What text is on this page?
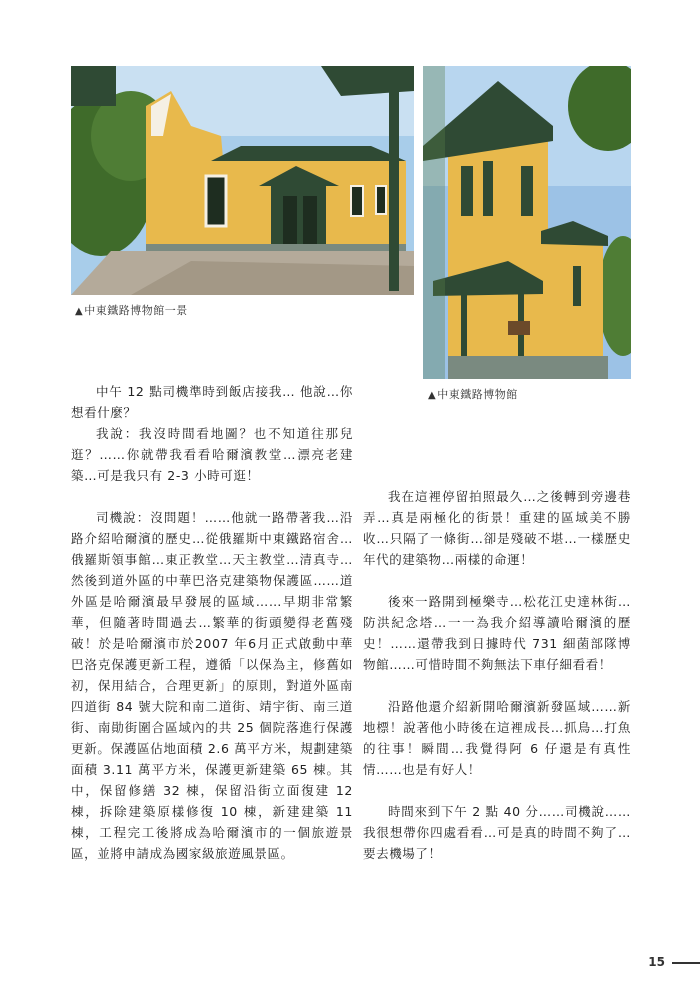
▲中東鐵路博物館一景
▲中東鐵路博物館

中午 12 點司機準時到飯店接我… 他說…你想看什麼？

我說：我沒時間看地圖？也不知道往那兒逛？……你就帶我看看哈爾濱教堂…漂亮老建築…可是我只有 2-3 小時可逛！

司機說：沒問題！……他就一路帶著我…沿路介紹哈爾濱的歷史…從俄羅斯中東鐵路宿舍…俄羅斯領事館…東正教堂…天主教堂…清真寺…然後到道外區的中華巴洛克建築物保護區……道外區是哈爾濱最早發展的區域……早期非常繁華，但隨著時間過去…繁華的街頭變得老舊殘破！於是哈爾濱市於2007 年6月正式啟動中華巴洛克保護更新工程，遵循「以保為主，修舊如初，保用結合，合理更新」的原則，對道外區南四道街 84 號大院和南二道街、靖宇街、南三道街、南勛街圍合區域內的共 25 個院落進行保護更新。保護區佔地面積 2.6 萬平方米，規劃建築面積 3.11 萬平方米，保護更新建築 65 棟。其中，保留修繕 32 棟，保留沿街立面復建 12 棟，拆除建築原樣修復 10 棟，新建建築 11 棟，工程完工後將成為哈爾濱市的一個旅遊景區，並將申請成為國家級旅遊風景區。

我在這裡停留拍照最久…之後轉到旁邊巷弄…真是兩極化的街景！重建的區域美不勝收…只隔了一條街…卻是殘破不堪…一樣歷史年代的建築物…兩樣的命運！

後來一路開到極樂寺…松花江史達林街…防洪紀念塔…一一為我介紹導讀哈爾濱的歷史！……還帶我到日據時代 731 細菌部隊博物館……可惜時間不夠無法下車仔細看看！

沿路他還介紹新開哈爾濱新發區域……新地標！說著他小時後在這裡成長…抓鳥…打魚的往事！瞬間…我覺得阿 6 仔還是有真性情……也是有好人！

時間來到下午 2 點 40 分……司機說……我很想帶你四處看看…可是真的時間不夠了…要去機場了！

15
